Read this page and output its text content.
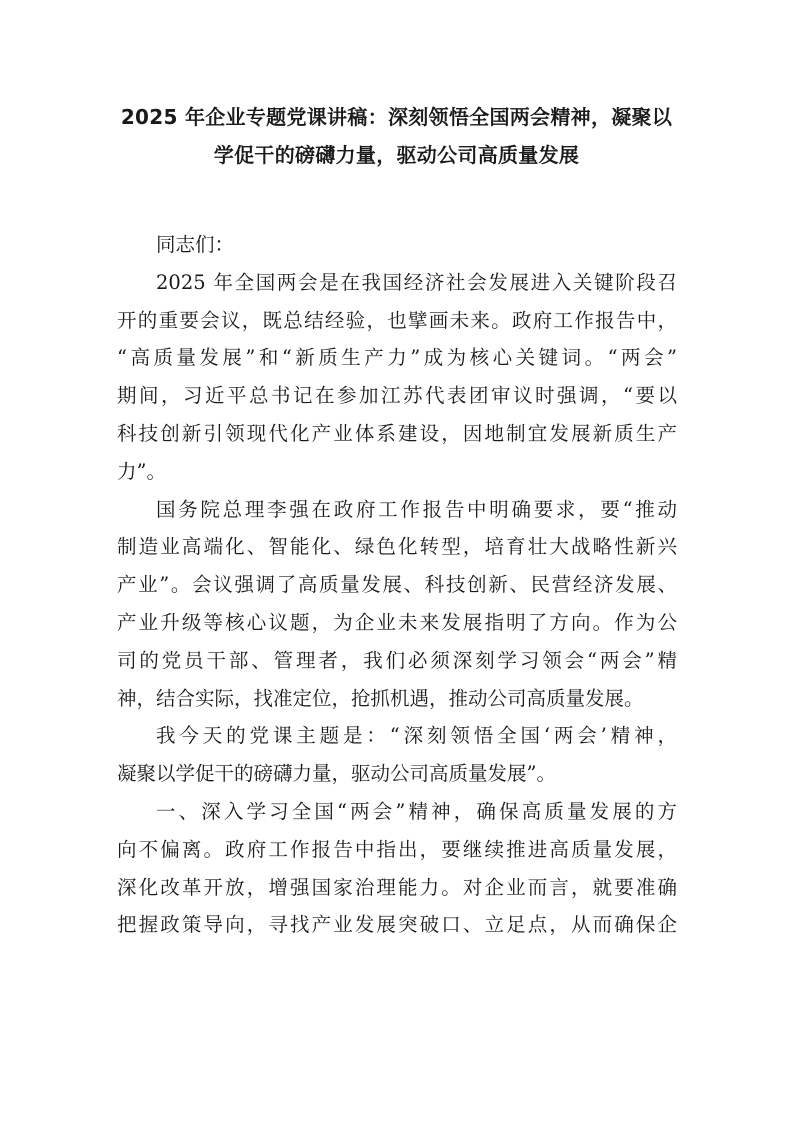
2025 年企业专题党课讲稿：深刻领悟全国两会精神，凝聚以
学促干的磅礴力量，驱动公司高质量发展
同志们：
2025 年全国两会是在我国经济社会发展进入关键阶段召
开的重要会议，既总结经验，也擘画未来。政府工作报告中，
“高质量发展”和“新质生产力”成为核心关键词。“两会”
期间，习近平总书记在参加江苏代表团审议时强调，“要以
科技创新引领现代化产业体系建设，因地制宜发展新质生产
力”。
国务院总理李强在政府工作报告中明确要求，要“推动
制造业高端化、智能化、绿色化转型，培育壮大战略性新兴
产业”。会议强调了高质量发展、科技创新、民营经济发展、
产业升级等核心议题，为企业未来发展指明了方向。作为公
司的党员干部、管理者，我们必须深刻学习领会“两会”精
神，结合实际，找准定位，抢抓机遇，推动公司高质量发展。
我今天的党课主题是：“深刻领悟全国‘两会’精神，
凝聚以学促干的磅礴力量，驱动公司高质量发展”。
一、深入学习全国“两会”精神，确保高质量发展的方
向不偏离。政府工作报告中指出，要继续推进高质量发展，
深化改革开放，增强国家治理能力。对企业而言，就要准确
把握政策导向，寻找产业发展突破口、立足点，从而确保企
